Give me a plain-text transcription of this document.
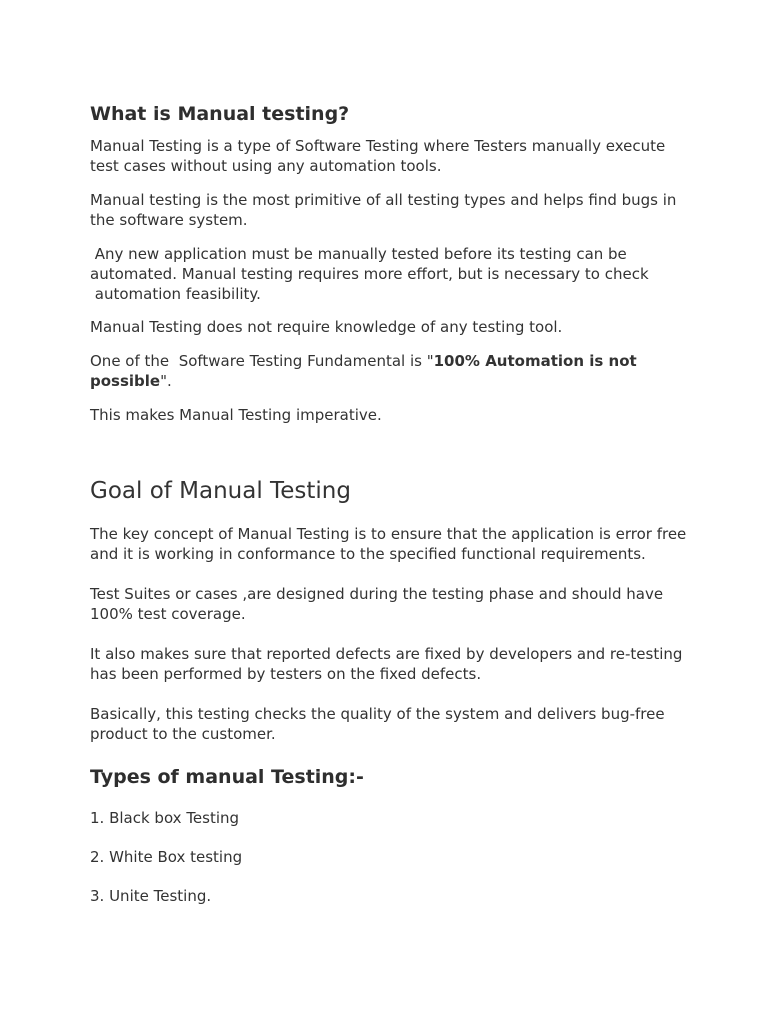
What is Manual testing?

Manual Testing is a type of Software Testing where Testers manually execute
test cases without using any automation tools.

Manual testing is the most primitive of all testing types and helps find bugs in
the software system.

Any new application must be manually tested before its testing can be
automated. Manual testing requires more effort, but is necessary to check
automation feasibility.

Manual Testing does not require knowledge of any testing tool.

One of the  Software Testing Fundamental is "100% Automation is not
possible".

This makes Manual Testing imperative.

Goal of Manual Testing

The key concept of Manual Testing is to ensure that the application is error free
and it is working in conformance to the specified functional requirements.

Test Suites or cases ,are designed during the testing phase and should have
100% test coverage.

It also makes sure that reported defects are fixed by developers and re-testing
has been performed by testers on the fixed defects.

Basically, this testing checks the quality of the system and delivers bug-free
product to the customer.

Types of manual Testing:-

1. Black box Testing

2. White Box testing

3. Unite Testing.
